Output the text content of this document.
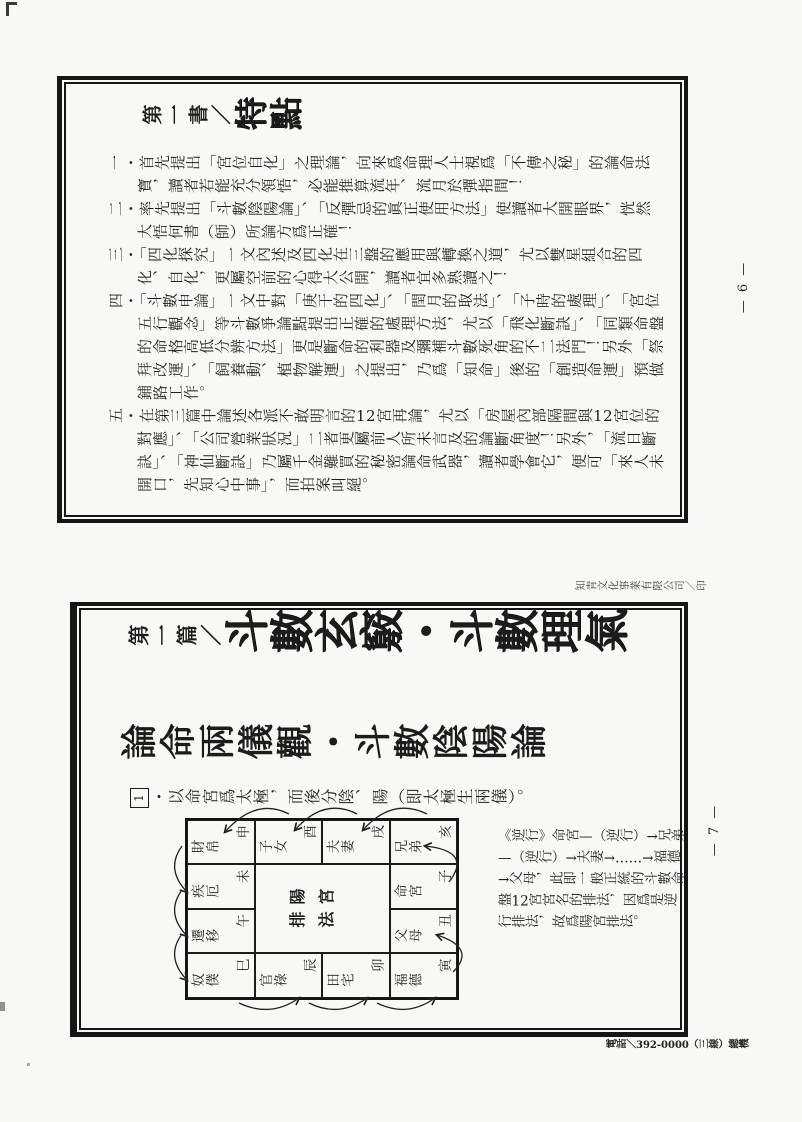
第一書／特點

一・首先提出「宮位自化」之理論，向來爲命理人士視爲「不傳之秘」的論命法寶，讀者若能充分領悟，必能推算流年、流月於彈指間！

二・率先提出「斗數陰陽論」、「反彈忌的眞正使用方法」使讀者大開眼界，恍然大悟何書（師）所論方爲正確！

三・「四化探究」一文內述及四化在三盤的應用與轉換之道，尤以雙星組合的四化、自化，更屬空前的心得大公開，讀者宜多熟讀之！

四・「斗數申論」一文中對「庚干的四化」、「閏月的取法」、「子時的處理」、「宮位五行觀念」等斗數爭論點提出正確的處理方法，尤以「飛化斷訣」、「同類命盤的命格高低分辨方法」更是斷命的利器及彌補斗數死角的不二法門！另外「祭拜改運」、「飼養動、植物解運」之提出，乃爲「知命」後的「創造命運」預做鋪路工作。

五・在第三篇中論述各派不敢明言的12宮再論，尤以「房屋內部隔間與12宮位的對應」、「公司營業狀況」二者更屬前人所未言及的論斷角度！另外，「流日斷訣」、「神仙斷訣」乃屬千金難買的秘密論命武器，讀者學會它，便可「來人未開口，先知心中事」，而拍案叫絕。

— 6 —
知青文化事業有限公司／印
第一篇／斗數玄竅・斗數理氣
論命兩儀觀・斗數陰陽論
1 ・以命宮爲太極，而後分陰、陽（即太極生兩儀）。
奴僕
巳
遷移
午
疾厄
未
財帛
申
官祿
辰
子女
酉
田宅
卯
夫妻
戌
福德
寅
父母
丑
命宮
子
兄弟
亥
陽宮排法

《逆行》命宮—（逆行）→兄弟—（逆行）→夫妻→……→福德→父母，此即一般正統的斗數命盤12宮宮名的排法，因爲是逆行排法，故爲陽宮排法。

— 7 —
電話／392-0000（三線）總機
